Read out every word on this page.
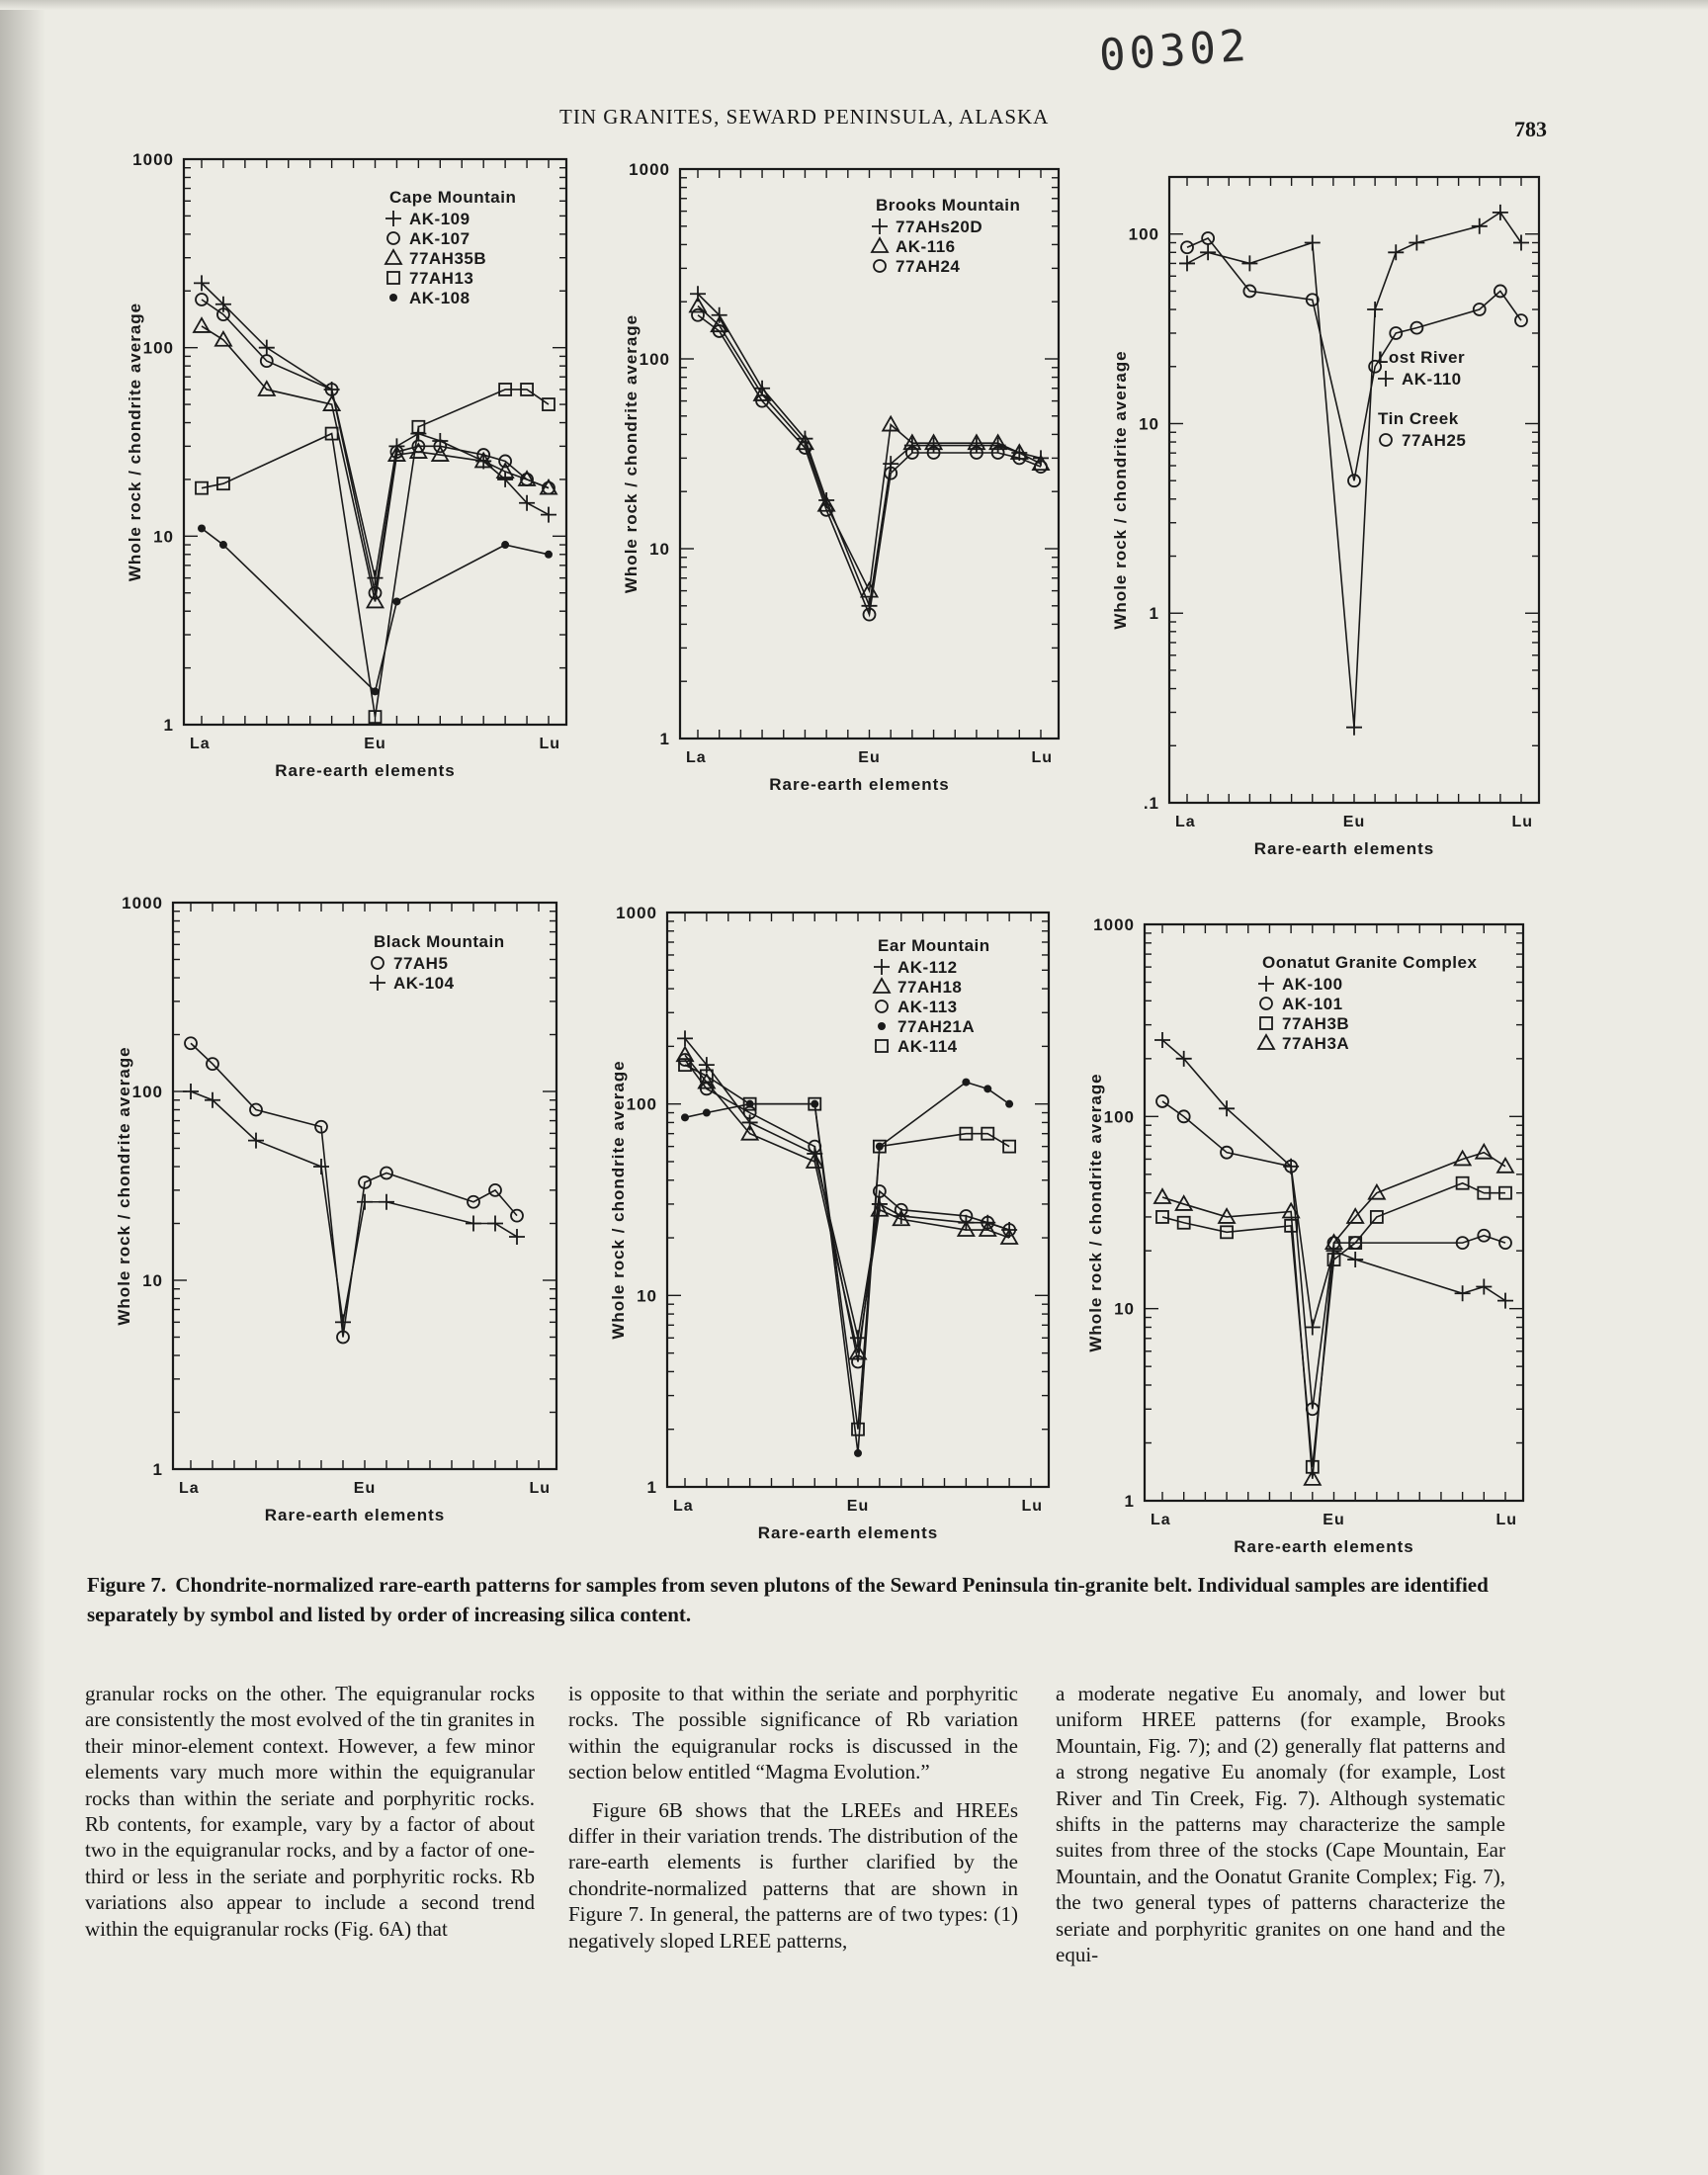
00302
TIN GRANITES, SEWARD PENINSULA, ALASKA	783
1
10
100
1000
La	Eu	Lu
Rare-earth elements
Whole rock / chondrite average
Cape Mountain
AK-109
AK-107
77AH35B
77AH13
AK-108
1
10
100
1000
La	Eu	Lu
Rare-earth elements
Whole rock / chondrite average
Brooks Mountain
77AHs20D
AK-116
77AH24
.1
1
10
100
La	Eu	Lu
Rare-earth elements
Whole rock / chondrite average	Lost River
AK-110
Tin Creek
77AH25
1
10
100
1000
La	Eu	Lu
Rare-earth elements
Whole rock / chondrite average
Black Mountain
77AH5
AK-104
1
10
100
1000
La	Eu	Lu
Rare-earth elements
Whole rock / chondrite average
Ear Mountain
AK-112
77AH18
AK-113
77AH21A
AK-114
1
10
100
1000
La	Eu	Lu
Rare-earth elements
Whole rock / chondrite average
Oonatut Granite Complex
AK-100
AK-101
77AH3B
77AH3A
Figure 7. Chondrite-normalized rare-earth patterns for samples from seven plutons of the Seward Peninsula tin-granite belt. Individual samples are identified separately by symbol and listed by order of increasing silica content.

granular rocks on the other. The equigranular rocks are consistently the most evolved of the tin granites in their minor-element context. However, a few minor elements vary much more within the equigranular rocks than within the seriate and porphyritic rocks. Rb contents, for example, vary by a factor of about two in the equigranular rocks, and by a factor of one-third or less in the seriate and porphyritic rocks. Rb variations also appear to include a second trend within the equigranular rocks (Fig. 6A) that

is opposite to that within the seriate and porphyritic rocks. The possible significance of Rb variation within the equigranular rocks is discussed in the section below entitled “Magma Evolution.”

Figure 6B shows that the LREEs and HREEs differ in their variation trends. The distribution of the rare-earth elements is further clarified by the chondrite-normalized patterns that are shown in Figure 7. In general, the patterns are of two types: (1) negatively sloped LREE patterns,

a moderate negative Eu anomaly, and lower but uniform HREE patterns (for example, Brooks Mountain, Fig. 7); and (2) generally flat patterns and a strong negative Eu anomaly (for example, Lost River and Tin Creek, Fig. 7). Although systematic shifts in the patterns may characterize the sample suites from three of the stocks (Cape Mountain, Ear Mountain, and the Oonatut Granite Complex; Fig. 7), the two general types of patterns characterize the seriate and porphyritic granites on one hand and the equi-
